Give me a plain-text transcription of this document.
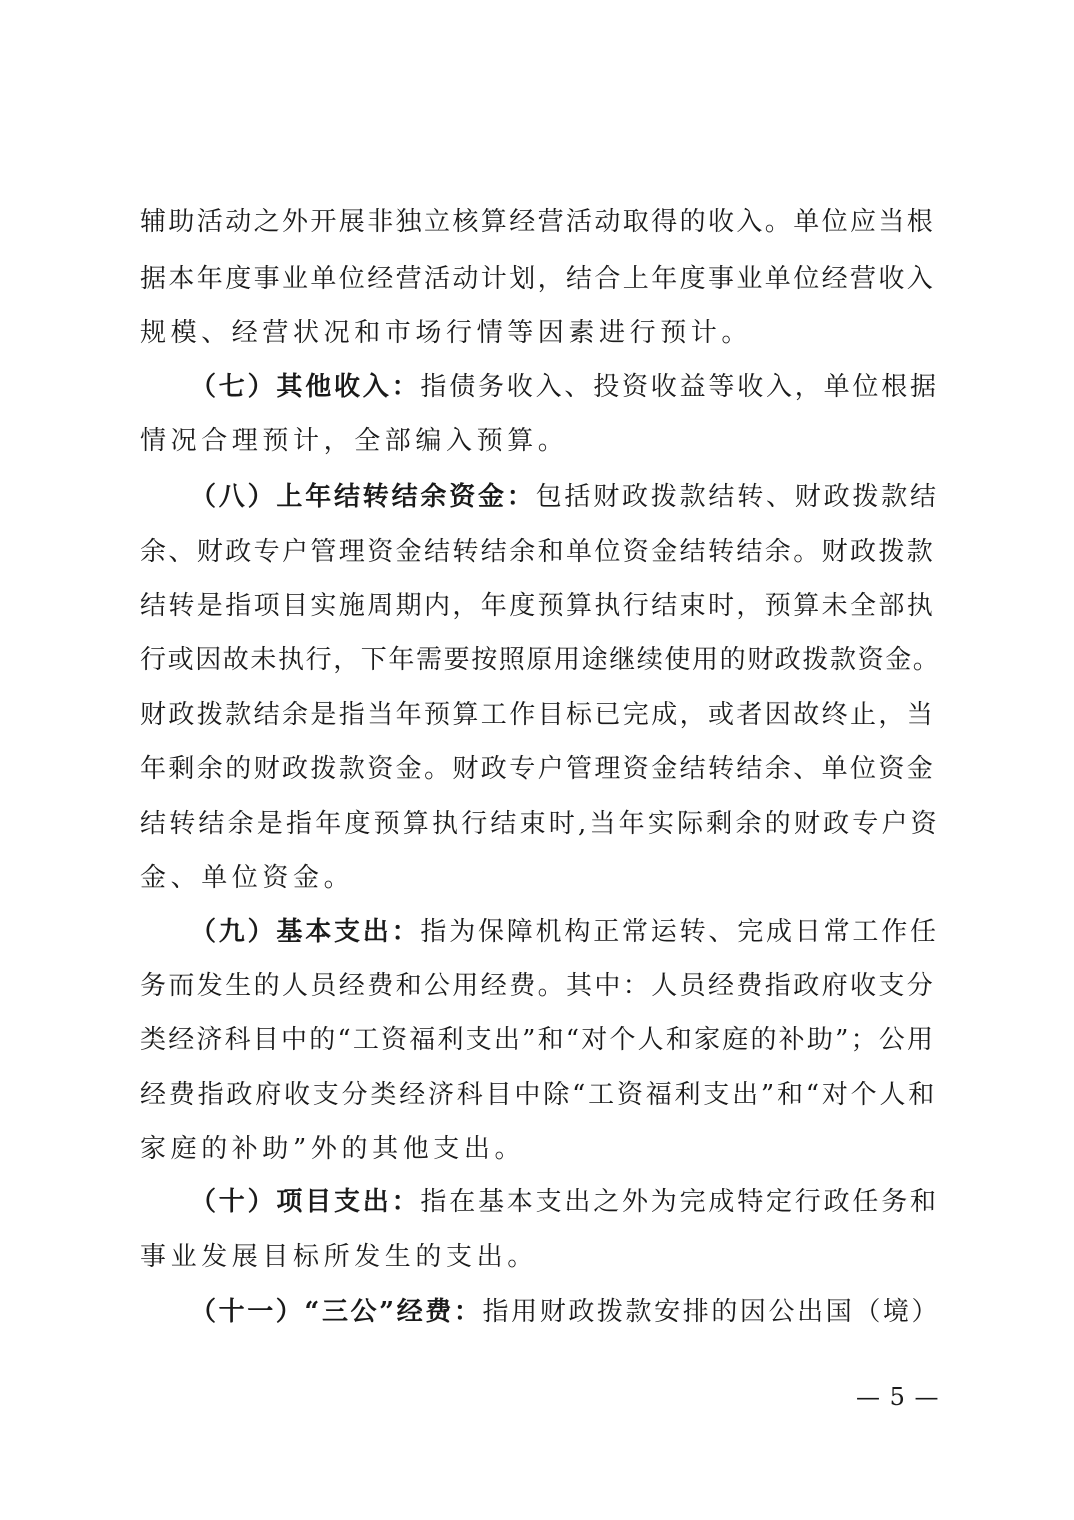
辅助活动之外开展非独立核算经营活动取得的收入。单位应当根
据本年度事业单位经营活动计划，结合上年度事业单位经营收入
规模、经营状况和市场行情等因素进行预计。
（七）其他收入：指债务收入、投资收益等收入，单位根据
情况合理预计，全部编入预算。
（八）上年结转结余资金：包括财政拨款结转、财政拨款结
余、财政专户管理资金结转结余和单位资金结转结余。财政拨款
结转是指项目实施周期内，年度预算执行结束时，预算未全部执
行或因故未执行，下年需要按照原用途继续使用的财政拨款资金。
财政拨款结余是指当年预算工作目标已完成，或者因故终止，当
年剩余的财政拨款资金。财政专户管理资金结转结余、单位资金
结转结余是指年度预算执行结束时,当年实际剩余的财政专户资
金、单位资金。
（九）基本支出：指为保障机构正常运转、完成日常工作任
务而发生的人员经费和公用经费。其中：人员经费指政府收支分
类经济科目中的“工资福利支出”和“对个人和家庭的补助”；公用
经费指政府收支分类经济科目中除“工资福利支出”和“对个人和
家庭的补助”外的其他支出。
（十）项目支出：指在基本支出之外为完成特定行政任务和
事业发展目标所发生的支出。
（十一）“三公”经费：指用财政拨款安排的因公出国（境）
— 5 —
